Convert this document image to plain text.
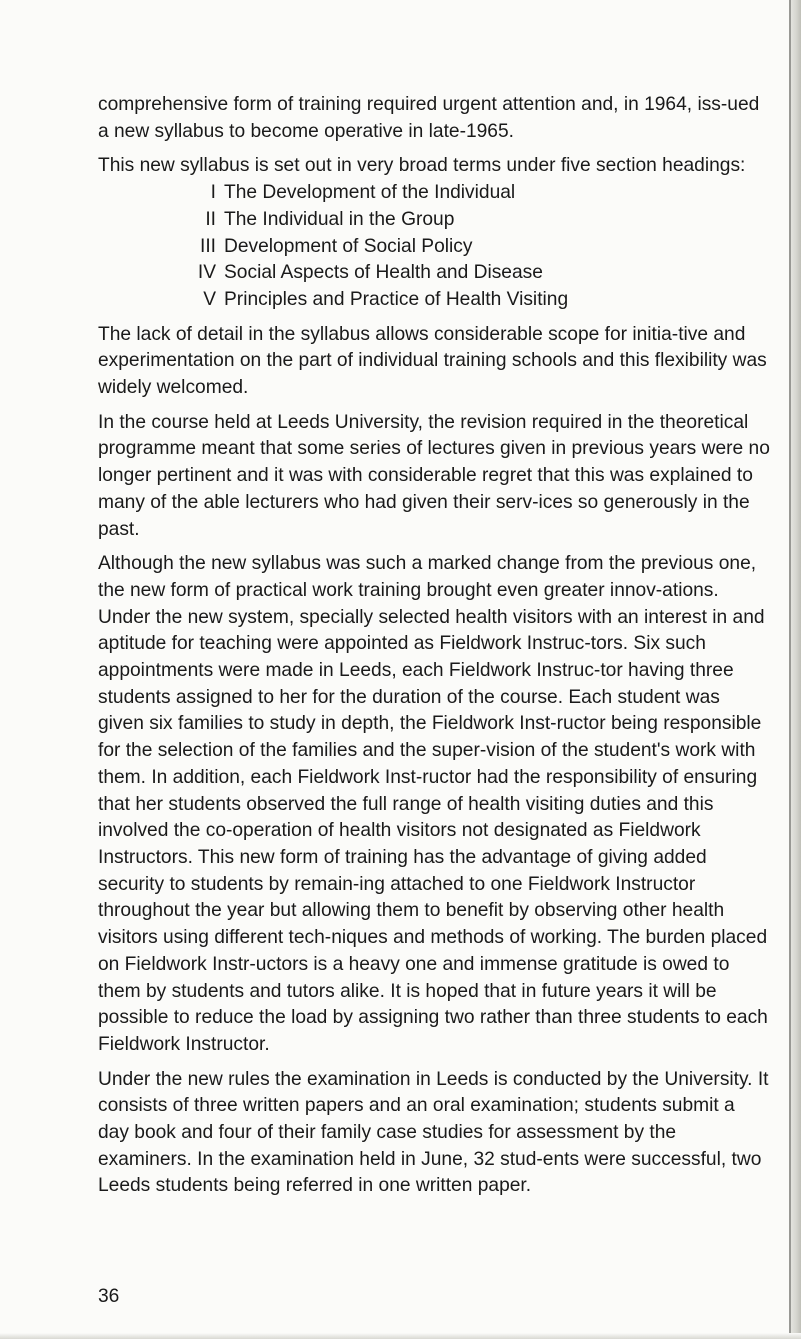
comprehensive form of training required urgent attention and, in 1964, iss-ued a new syllabus to become operative in late-1965.

This new syllabus is set out in very broad terms under five section headings:

I The Development of the Individual
II The Individual in the Group
III Development of Social Policy
IV Social Aspects of Health and Disease
V Principles and Practice of Health Visiting

The lack of detail in the syllabus allows considerable scope for initia-tive and experimentation on the part of individual training schools and this flexibility was widely welcomed.

In the course held at Leeds University, the revision required in the theoretical programme meant that some series of lectures given in previous years were no longer pertinent and it was with considerable regret that this was explained to many of the able lecturers who had given their serv-ices so generously in the past.

Although the new syllabus was such a marked change from the previous one, the new form of practical work training brought even greater innov-ations. Under the new system, specially selected health visitors with an interest in and aptitude for teaching were appointed as Fieldwork Instruc-tors. Six such appointments were made in Leeds, each Fieldwork Instruc-tor having three students assigned to her for the duration of the course. Each student was given six families to study in depth, the Fieldwork Inst-ructor being responsible for the selection of the families and the super-vision of the student's work with them. In addition, each Fieldwork Inst-ructor had the responsibility of ensuring that her students observed the full range of health visiting duties and this involved the co-operation of health visitors not designated as Fieldwork Instructors. This new form of training has the advantage of giving added security to students by remain-ing attached to one Fieldwork Instructor throughout the year but allowing them to benefit by observing other health visitors using different tech-niques and methods of working. The burden placed on Fieldwork Instr-uctors is a heavy one and immense gratitude is owed to them by students and tutors alike. It is hoped that in future years it will be possible to reduce the load by assigning two rather than three students to each Fieldwork Instructor.

Under the new rules the examination in Leeds is conducted by the University. It consists of three written papers and an oral examination; students submit a day book and four of their family case studies for assessment by the examiners. In the examination held in June, 32 stud-ents were successful, two Leeds students being referred in one written paper.

36
